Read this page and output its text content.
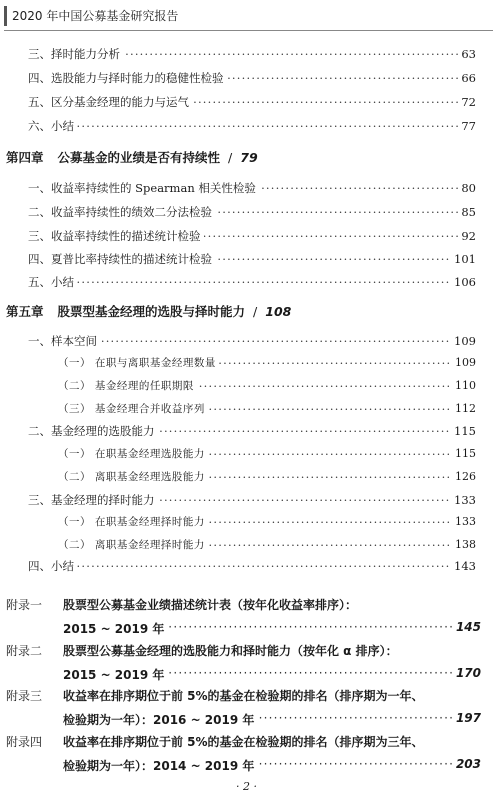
2020 年中国公募基金研究报告
·····
三、择时能力分析	63
·····
四、选股能力与择时能力的稳健性检验	66
·····
五、区分基金经理的能力与运气	72
·····
六、小结	77
第四章 公募基金的业绩是否有持续性 / 79
·····
一、收益率持续性的 Spearman 相关性检验	80
·····
二、收益率持续性的绩效二分法检验	85
·····
三、收益率持续性的描述统计检验	92
·····
四、夏普比率持续性的描述统计检验	101
·····
五、小结	106
第五章 股票型基金经理的选股与择时能力 / 108
·····
一、样本空间	109
·····
（一） 在职与离职基金经理数量	109
·····
（二） 基金经理的任职期限	110
·····
（三） 基金经理合并收益序列	112
·····
二、基金经理的选股能力	115
·····
（一） 在职基金经理选股能力	115
·····
（二） 离职基金经理选股能力	126
·····
三、基金经理的择时能力	133
·····
（一） 在职基金经理择时能力	133
·····
（二） 离职基金经理择时能力	138
·····
四、小结	143
附录一 股票型公募基金业绩描述统计表（按年化收益率排序）：
·····
2015 ~ 2019 年	145
附录二 股票型公募基金经理的选股能力和择时能力（按年化 α 排序）：
·····
2015 ~ 2019 年	170
附录三 收益率在排序期位于前 5%的基金在检验期的排名（排序期为一年、
·····
检验期为一年）：2016 ~ 2019 年	197
附录四 收益率在排序期位于前 5%的基金在检验期的排名（排序期为三年、
·····
检验期为一年）：2014 ~ 2019 年	203
· 2 ·
